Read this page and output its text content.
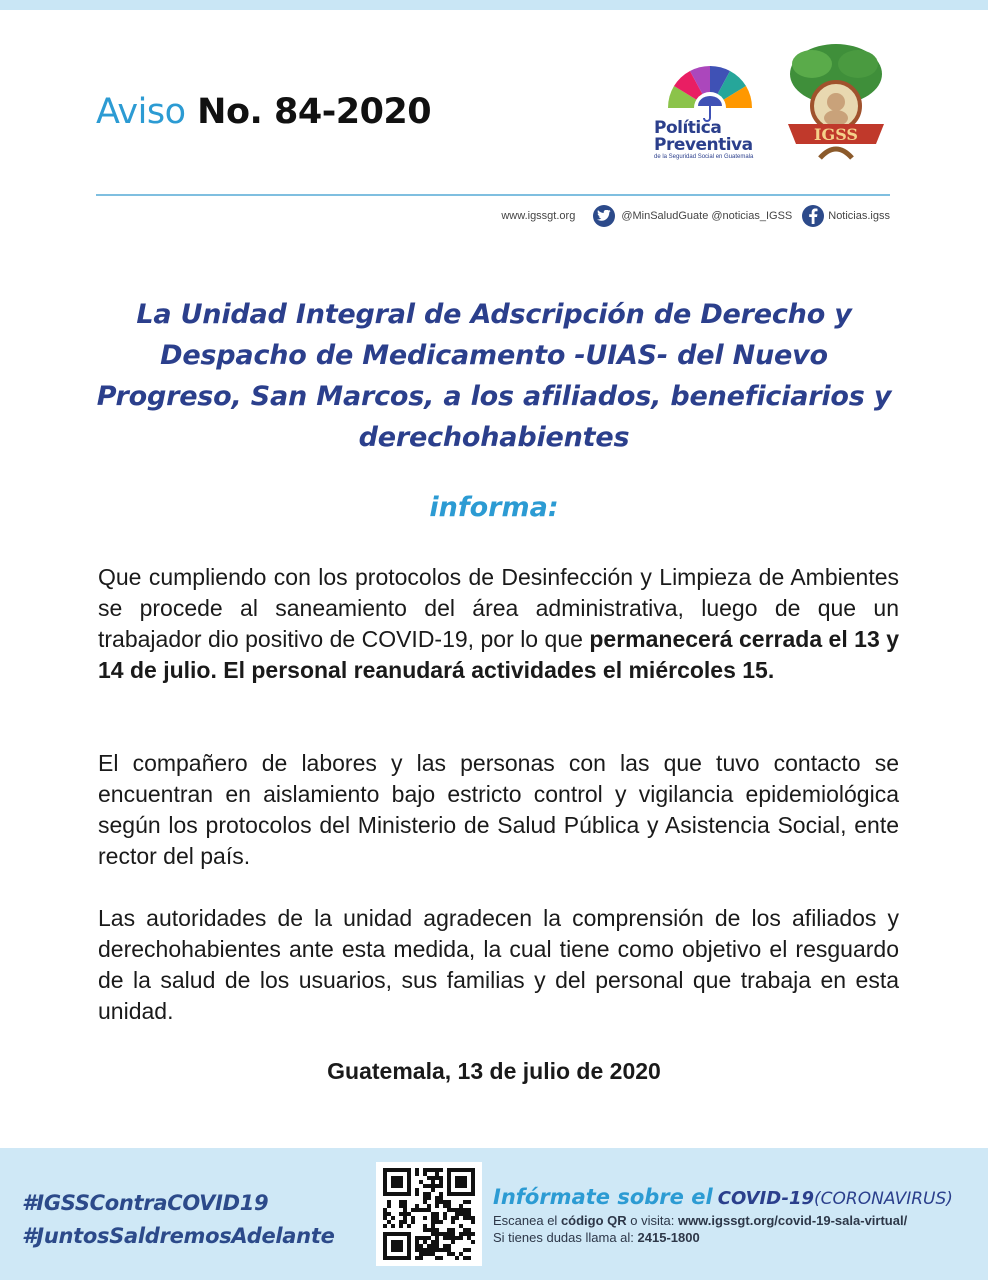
Aviso No. 84-2020	Política
Preventiva
de la Seguridad Social en Guatemala
IGSS
www.igssgt.org	@MinSaludGuate @noticias_IGSS	Noticias.igss
La Unidad Integral de Adscripción de Derecho y Despacho de Medicamento -UIAS- del Nuevo Progreso, San Marcos, a los afiliados, beneficiarios y derechohabientes
informa:
Que cumpliendo con los protocolos de Desinfección y Limpieza de Ambientes se procede al saneamiento del área administrativa, luego de que un trabajador dio positivo de COVID-19, por lo que permanecerá cerrada el 13 y 14 de julio. El personal reanudará actividades el miércoles 15.
El compañero de labores y las personas con las que tuvo contacto se encuentran en aislamiento bajo estricto control y vigilancia epidemiológica según los protocolos del Ministerio de Salud Pública y Asistencia Social, ente rector del país.
Las autoridades de la unidad agradecen la comprensión de los afiliados y derechohabientes ante esta medida, la cual tiene como objetivo el resguardo de la salud de los usuarios, sus familias y del personal que trabaja en esta unidad.
Guatemala, 13 de julio de 2020
#IGSSContraCOVID19
#JuntosSaldremosAdelante
Infórmate sobre el COVID-19(CORONAVIRUS)
Escanea el código QR o visita: www.igssgt.org/covid-19-sala-virtual/
Si tienes dudas llama al: 2415-1800
